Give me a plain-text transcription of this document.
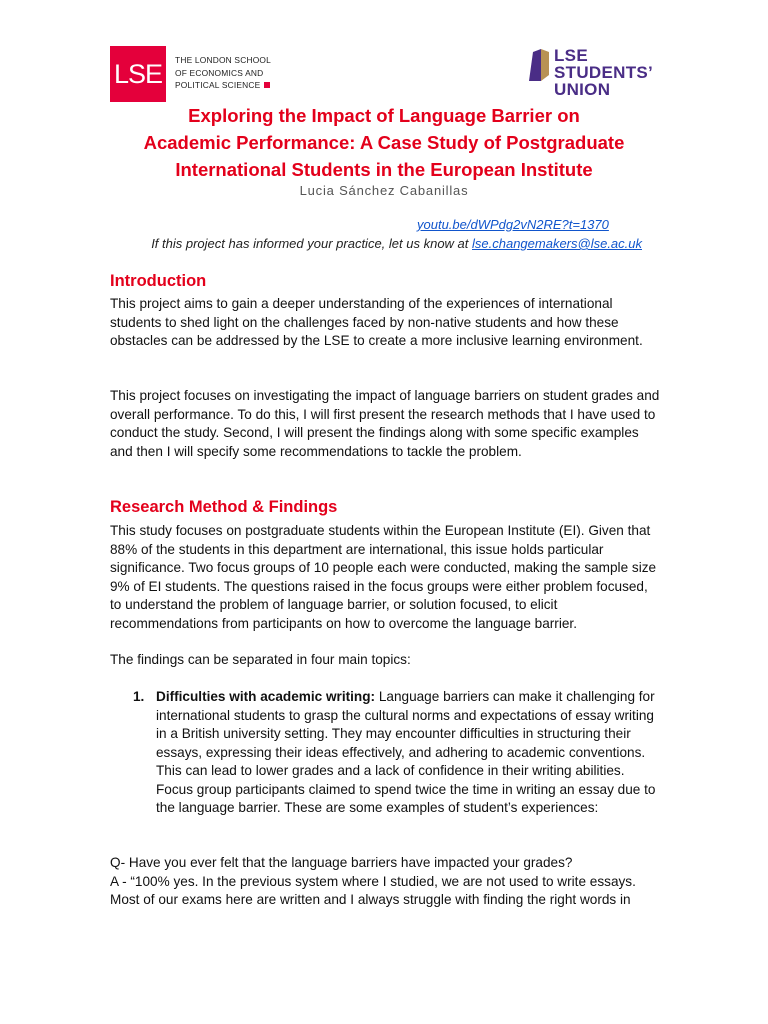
LSE	THE LONDON SCHOOL
OF ECONOMICS AND
POLITICAL SCIENCE
LSE
STUDENTS’
UNION
Exploring the Impact of Language Barrier on
Academic Performance: A Case Study of Postgraduate
International Students in the European Institute
Lucia Sánchez Cabanillas
youtu.be/dWPdg2vN2RE?t=1370
If this project has informed your practice, let us know at lse.changemakers@lse.ac.uk
Introduction

This project aims to gain a deeper understanding of the experiences of international students to shed light on the challenges faced by non-native students and how these obstacles can be addressed by the LSE to create a more inclusive learning environment.

This project focuses on investigating the impact of language barriers on student grades and overall performance. To do this, I will first present the research methods that I have used to conduct the study. Second, I will present the findings along with some specific examples and then I will specify some recommendations to tackle the problem.

Research Method & Findings

This study focuses on postgraduate students within the European Institute (EI). Given that 88% of the students in this department are international, this issue holds particular significance. Two focus groups of 10 people each were conducted, making the sample size 9% of EI students. The questions raised in the focus groups were either problem focused, to understand the problem of language barrier, or solution focused, to elicit recommendations from participants on how to overcome the language barrier.

The findings can be separated in four main topics:

1. Difficulties with academic writing: Language barriers can make it challenging for international students to grasp the cultural norms and expectations of essay writing in a British university setting. They may encounter difficulties in structuring their essays, expressing their ideas effectively, and adhering to academic conventions. This can lead to lower grades and a lack of confidence in their writing abilities. Focus group participants claimed to spend twice the time in writing an essay due to the language barrier. These are some examples of student’s experiences:

Q- Have you ever felt that the language barriers have impacted your grades?

A - “100% yes. In the previous system where I studied, we are not used to write essays. Most of our exams here are written and I always struggle with finding the right words in
